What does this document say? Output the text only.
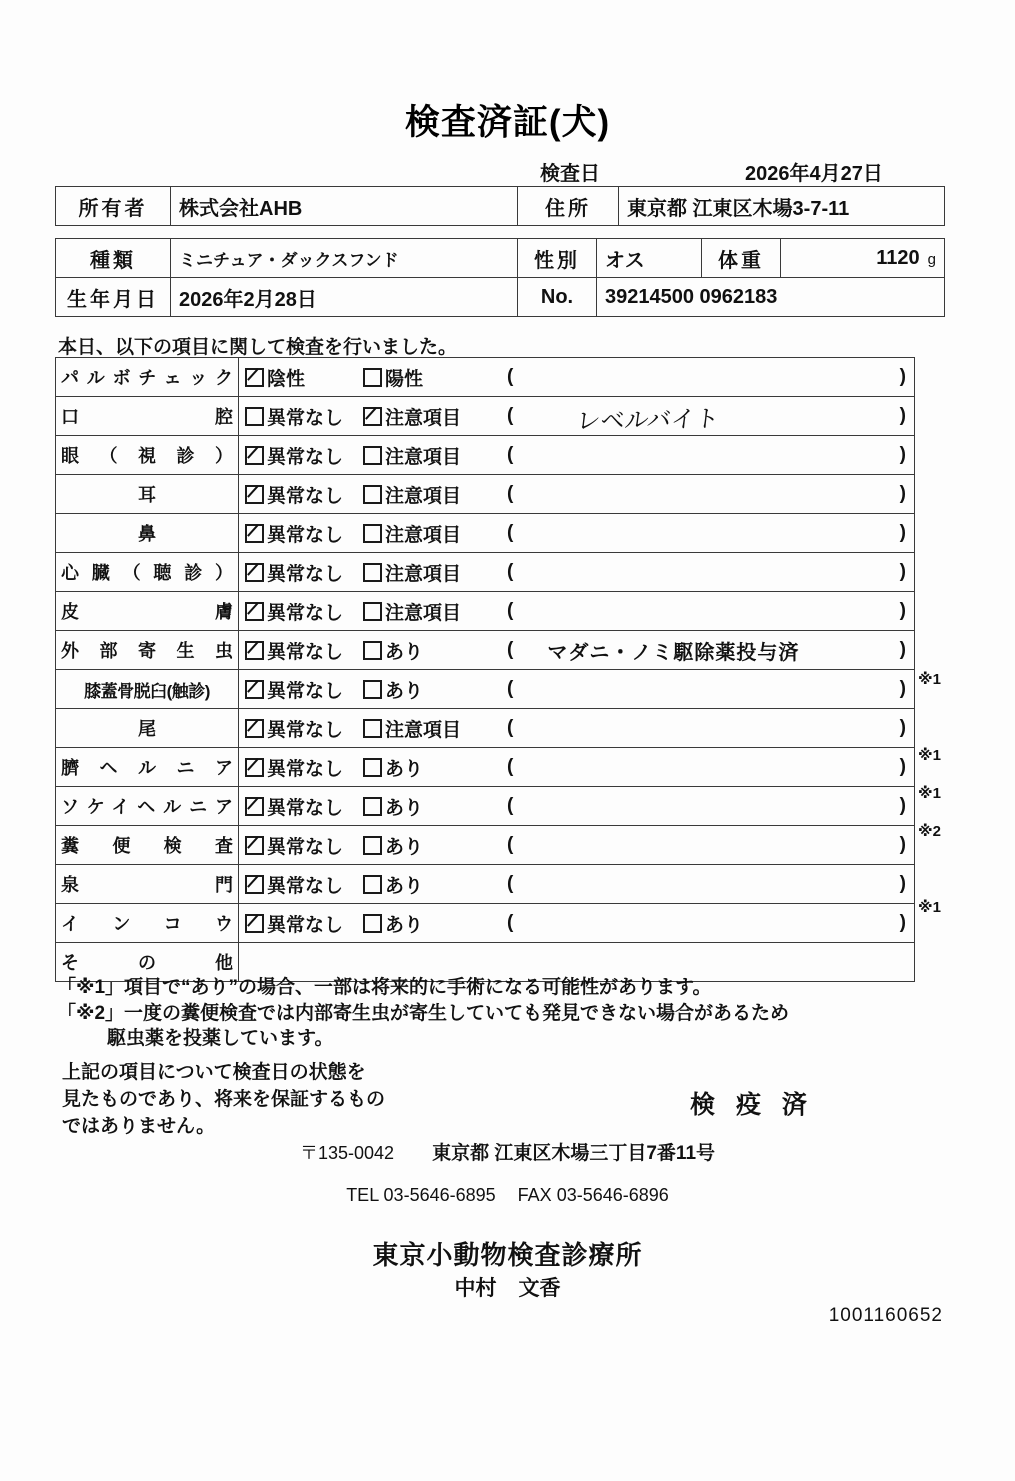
検査済証(犬)
検査日	2026年4月27日
所有者	株式会社AHB	住所	東京都 江東区木場3-7-11
種類	ミニチュア・ダックスフンド	性別	オス	体重	1120 g
生年月日	2026年2月28日	No.	39214500 0962183		
本日、以下の項目に関して検査を行いました。
パルボチェック	陰性 陽性 ( )

口　　　　腔	異常なし 注意項目 ( レベルバイト )

眼（視診）	異常なし 注意項目 ( )

耳	異常なし 注意項目 ( )

鼻	異常なし 注意項目 ( )

心臓（聴診）	異常なし 注意項目 ( )

皮　　　　膚	異常なし 注意項目 ( )

外部寄生虫	異常なし あり ( マダニ・ノミ駆除薬投与済 )

膝蓋骨脱臼(触診)	異常なし あり ( )

尾	異常なし 注意項目 ( )

臍ヘルニア	異常なし あり ( )

ソケイヘルニア	異常なし あり ( )

糞便検査	異常なし あり ( )

泉　　　　門	異常なし あり ( )

インコウ	異常なし あり ( )

そ　の　他	
※1
※1
※1
※2
※1
「※1」項目で“あり”の場合、一部は将来的に手術になる可能性があります。
「※2」一度の糞便検査では内部寄生虫が寄生していても発見できない場合があるため
駆虫薬を投薬しています。
上記の項目について検査日の状態を
見たものであり、将来を保証するもの
ではありません。
検 疫 済
〒135-0042 東京都 江東区木場三丁目7番11号
TEL 03-5646-6895 FAX 03-5646-6896
東京小動物検査診療所
中村 文香
1001160652
